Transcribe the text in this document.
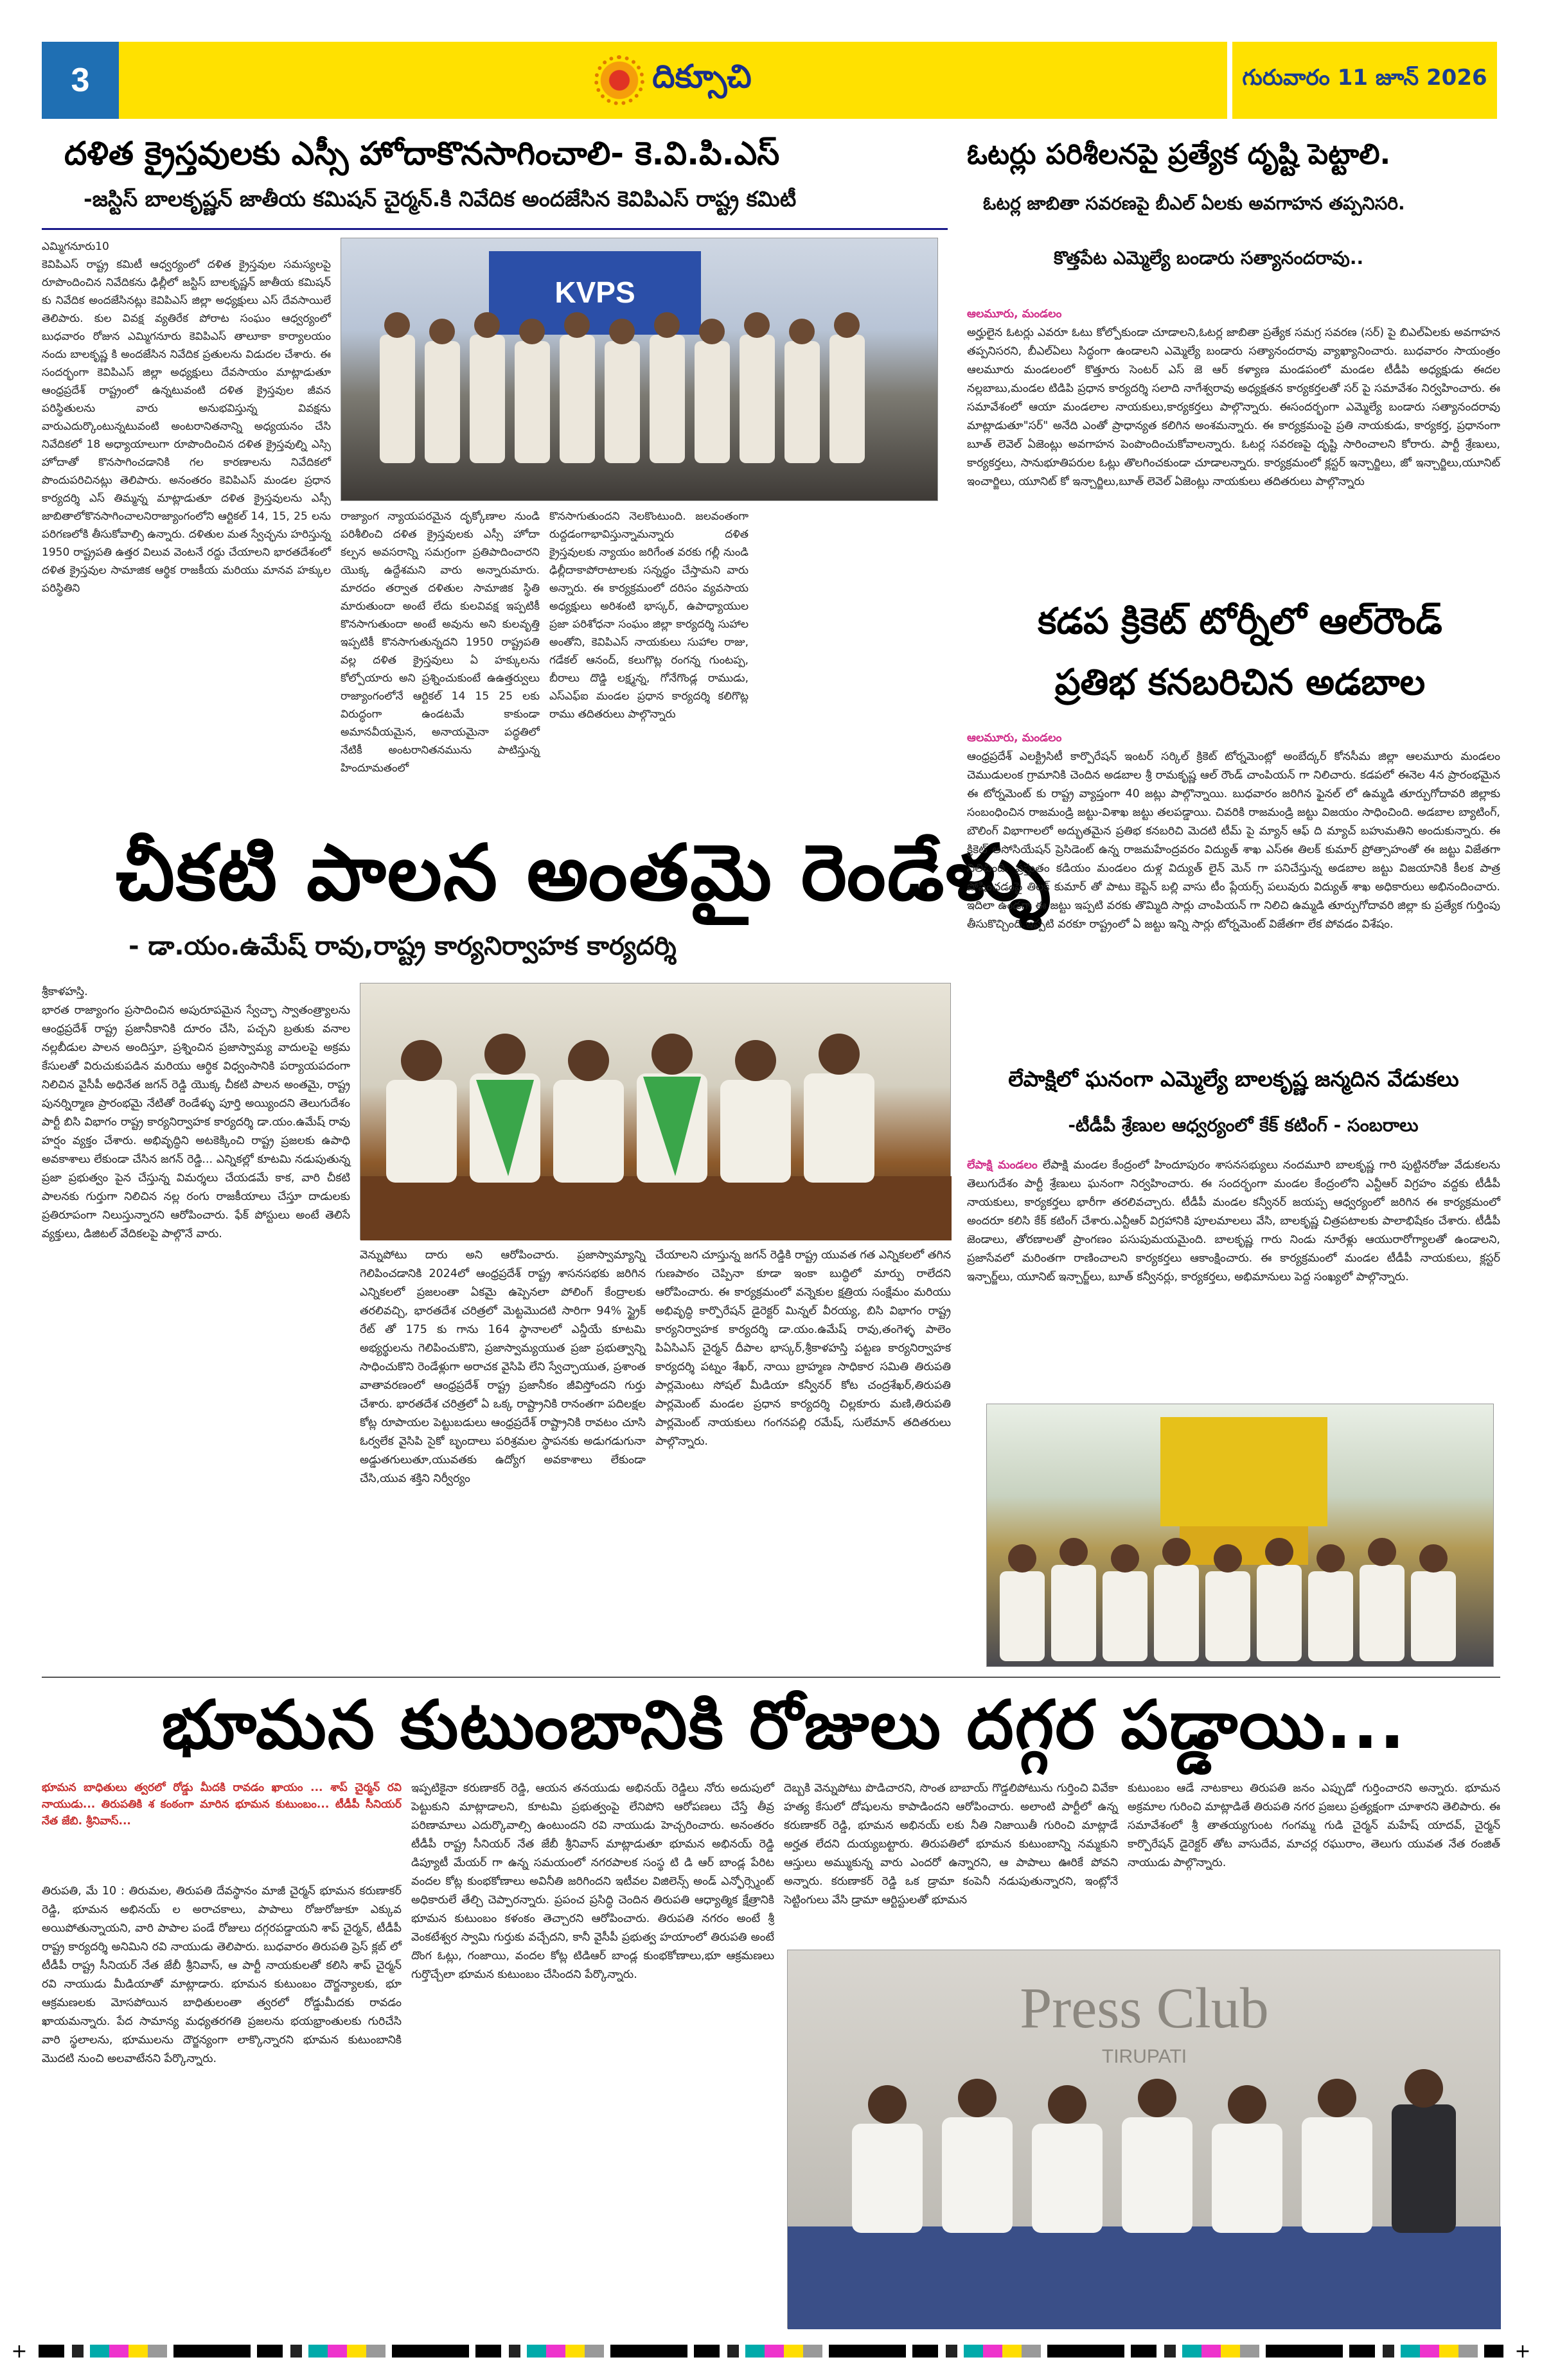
3	దిక్సూచి	గురువారం 11 జూన్ 2026
దళిత క్రైస్తవులకు ఎస్సీ హోదాకొనసాగించాలి- కె.వి.పి.ఎస్
-జస్టిస్ బాలకృష్ణన్ జాతీయ కమిషన్ చైర్మన్.కి నివేదిక అందజేసిన కెవిపిఎస్ రాష్ట్ర కమిటీ
ఎమ్మిగనూరు10
కెవిపిఎస్ రాష్ట్ర కమిటీ ఆధ్వర్యంలో దళిత క్రైస్తవుల సమస్యలపై రూపొందించిన నివేదికను ఢిల్లీలో జస్టిస్ బాలకృష్ణన్ జాతీయ కమిషన్ కు నివేదిక అందజేసినట్లు కెవిపిఎస్ జిల్లా అధ్యక్షులు ఎస్ దేవసాయిలే తెలిపారు. కుల వివక్ష వ్యతిరేక పోరాట సంఘం ఆధ్వర్యంలో బుధవారం రోజున ఎమ్మిగనూరు కెవిపిఎస్ తాలూకా కార్యాలయం నందు బాలకృష్ణ కి అందజేసిన నివేదిక ప్రతులను విడుదల చేశారు. ఈ సందర్భంగా కెవిపిఎస్ జిల్లా అధ్యక్షులు దేవసాయం మాట్లాడుతూ ఆంధ్రప్రదేశ్ రాష్ట్రంలో ఉన్నటువంటి దళిత క్రైస్తవుల జీవన పరిస్థితులను వారు అనుభవిస్తున్న వివక్షను వారుఎదుర్కొంటున్నటువంటి అంటరానితనాన్ని అధ్యయనం చేసి నివేదికలో 18 అధ్యాయాలుగా రూపొందించిన దళిత క్రైస్తవుల్ని ఎస్సి హోదాతో కొనసాగించడానికి గల కారణాలను నివేదికలో పొందుపరిచినట్లు తెలిపారు. అనంతరం కెవిపిఎస్ మండల ప్రధాన కార్యదర్శి ఎస్ తిమ్మన్న మాట్లాడుతూ దళిత క్రైస్తవులను ఎస్సీ జాబితాలోకొనసాగించాలనిరాజ్యాంగంలోని ఆర్టికల్ 14, 15, 25 లను పరిగణలోకి తీసుకోవాల్సి ఉన్నారు. దళితుల మత స్వేచ్ఛను హరిస్తున్న 1950 రాష్ట్రపతి ఉత్తర విలువ వెంటనే రద్దు చేయాలని భారతదేశంలో దళిత క్రైస్తవుల సామాజిక ఆర్థిక రాజకీయ మరియు మానవ హక్కుల పరిస్థితిని
KVPS
రాజ్యాంగ న్యాయపరమైన దృక్కోణాల నుండి పరిశీలించి దళిత క్రైస్తవులకు ఎస్సీ హోదా కల్పన అవసరాన్ని సమగ్రంగా ప్రతిపాదించారని యొక్క ఉద్దేశమని వారు అన్నారుమారు. మారదం తర్వాత దళితుల సామాజిక స్థితి మారుతుందా అంటే లేదు కులవివక్ష ఇప్పటికీ కొనసాగుతుందా అంటే అవును అని కులవృత్తి ఇప్పటికీ కొనసాగుతున్నదని 1950 రాష్ట్రపతి వల్ల దళిత క్రైస్తవులు ఏ హక్కులను కోల్పోయారు అని ప్రశ్నించుకుంటే ఉఉత్తర్వులు రాజ్యాంగంలోనే ఆర్టికల్ 14 15 25 లకు విరుద్ధంగా ఉండటమే కాకుండా అమానవీయమైన, అనాయమైనా పద్ధతిలో నేటికీ అంటరానితనమును పాటిస్తున్న హిందూమతంలో
కొనసాగుతుందని నెలకొంటుంది. జలవంతంగా రుద్దడంగాభావిస్తున్నామన్నారు దళిత క్రైస్తవులకు న్యాయం జరిగేంత వరకు గల్లీ నుండి ఢిల్లీదాకాపోరాటాలకు సన్నద్ధం చేస్తామని వారు అన్నారు. ఈ కార్యక్రమంలో దరిసం వ్యవసాయ అధ్యక్షులు అరిశంటి భాస్కర్, ఉపాధ్యాయుల ప్రజా పరిశోధనా సంఘం జిల్లా కార్యదర్శి సుహాల అంతోని, కెవిపిఎస్ నాయకులు సుహాల రాజు, గడేకల్ ఆనంద్, కలుగొట్ల రంగన్న గుంటప్ప, బీరాలు దొడ్డి లక్ష్మన్న, గోనేగొండ్ల రాముడు, ఎస్ఎఫ్ఐ మండల ప్రధాన కార్యదర్శి కలిగొట్ల రాము తదితరులు పాల్గొన్నారు
చీకటి పాలన అంతమై రెండేళ్ళు
- డా.యం.ఉమేష్ రావు,రాష్ట్ర కార్యనిర్వాహక కార్యదర్శి
శ్రీకాళహస్తి.
భారత రాజ్యాంగం ప్రసాదించిన అపురూపమైన స్వేచ్ఛా స్వాతంత్ర్యాలను ఆంధ్రప్రదేశ్ రాష్ట్ర ప్రజానీకానికి దూరం చేసి, పచ్చని బ్రతుకు వనాల నల్లబీడుల పాలన అందిస్తూ, ప్రశ్నించిన ప్రజాస్వామ్య వాదులపై అక్రమ కేసులతో విరుచుకుపడిన మరియు ఆర్థిక విధ్వంసానికి పర్యాయపదంగా నిలిచిన వైసీపీ అధినేత జగన్ రెడ్డి యొక్క చీకటి పాలన అంతమై, రాష్ట్ర పునర్నిర్మాణ ప్రారంభమై నేటితో రెండేళ్ళు పూర్తి అయ్యిందని తెలుగుదేశం పార్టీ బిసి విభాగం రాష్ట్ర కార్యనిర్వాహక కార్యదర్శి డా.యం.ఉమేష్ రావు హర్షం వ్యక్తం చేశారు. అభివృద్ధిని అటకెక్కించి రాష్ట్ర ప్రజలకు ఉపాధి అవకాశాలు లేకుండా చేసిన జగన్ రెడ్డి... ఎన్నికల్లో కూటమి నడుపుతున్న ప్రజా ప్రభుత్వం పైన చేస్తున్న విమర్శలు చేయడమే కాక, వారి చీకటి పాలనకు గుర్తుగా నిలిచిన నల్ల రంగు రాజకీయాలు చేస్తూ దాడులకు ప్రతిరూపంగా నిలుస్తున్నారని ఆరోపించారు. ఫేక్ పోస్టులు అంటే తెలిసే వ్యక్తులు, డిజిటల్ వేదికలపై పాల్గొనే వారు.
వెన్నుపోటు దారు అని ఆరోపించారు. ప్రజాస్వామ్యాన్ని గెలిపించడానికి 2024లో ఆంధ్రప్రదేశ్ రాష్ట్ర శాసనసభకు జరిగిన ఎన్నికలలో ప్రజలంతా ఏకమై ఉప్పెనలా పోలింగ్ కేంద్రాలకు తరలివచ్చి, భారతదేశ చరిత్రలో మెట్టమొదటి సారిగా 94% స్ట్రైక్ రేట్ తో 175 కు గాను 164 స్థానాలలో ఎన్డీయే కూటమి అభ్యర్థులను గెలిపించుకొని, ప్రజాస్వామ్యయుత ప్రజా ప్రభుత్వాన్ని సాధించుకొని రెండేళ్లుగా అరాచక వైసిపి లేని స్వేచ్ఛాయుత, ప్రశాంత వాతావరణంలో ఆంధ్రప్రదేశ్ రాష్ట్ర ప్రజానీకం జీవిస్తోందని గుర్తు చేశారు. భారతదేశ చరిత్రలో ఏ ఒక్క రాష్ట్రానికి రానంతగా పదిలక్షల కోట్ల రూపాయల పెట్టుబడులు ఆంధ్రప్రదేశ్ రాష్ట్రానికి రావటం చూసి ఓర్వలేక వైసిపి సైకో బృందాలు పరిశ్రమల స్థాపనకు అడుగడుగునా అడ్డుతగులుతూ,యువతకు ఉద్యోగ అవకాశాలు లేకుండా చేసి,యువ శక్తిని నిర్వీర్యం
చేయాలని చూస్తున్న జగన్ రెడ్డికి రాష్ట్ర యువత గత ఎన్నికలలో తగిన గుణపాఠం చెప్పినా కూడా ఇంకా బుద్ధిలో మార్పు రాలేదని ఆరోపించారు. ఈ కార్యక్రమంలో వన్నెకుల క్షత్రియ సంక్షేమం మరియు అభివృద్ధి కార్పొరేషన్ డైరెక్టర్ మిన్నల్ వీరయ్య, బిసి విభాగం రాష్ట్ర కార్యనిర్వాహక కార్యదర్శి డా.యం.ఉమేష్ రావు,తంగెళ్ళ పాలెం పిఏసిఎస్ చైర్మన్ దీపాల భాస్కర్,శ్రీకాళహస్తి పట్టణ కార్యనిర్వాహక కార్యదర్శి పట్నం శేఖర్, నాయి బ్రాహ్మణ సాధికార సమితి తిరుపతి పార్లమెంటు సోషల్ మీడియా కన్వీనర్ కోట చంద్రశేఖర్,తిరుపతి పార్లమెంట్ మండల ప్రధాన కార్యదర్శి చిల్లకూరు మణి,తిరుపతి పార్లమెంట్ నాయకులు గంగనపల్లి రమేష్, సులేమాన్ తదితరులు పాల్గొన్నారు.
ఓటర్లు పరిశీలనపై ప్రత్యేక దృష్టి పెట్టాలి.
ఓటర్ల జాబితా సవరణపై బీఎల్ ఏలకు అవగాహన తప్పనిసరి.
కొత్తపేట ఎమ్మెల్యే బండారు సత్యానందరావు..
ఆలమూరు, మండలం
అర్హులైన ఓటర్లు ఎవరూ ఓటు కోల్పోకుండా చూడాలని,ఓటర్ల జాబితా ప్రత్యేక సమగ్ర సవరణ (సర్) పై బిఎల్ఏలకు అవగాహన తప్పనిసరని, బీఎల్ఏలు సిద్ధంగా ఉండాలని ఎమ్మెల్యే బండారు సత్యానందరావు వ్యాఖ్యానించారు. బుధవారం సాయంత్రం ఆలమూరు మండలంలో కొత్తూరు సెంటర్ ఎస్ జె ఆర్ కళ్యాణ మండపంలో మండల టీడీపి అధ్యక్షుడు ఈదల నల్లబాబు,మండల టిడిపి ప్రధాన కార్యదర్శి సలాది నాగేశ్వరావు అధ్యక్షతన కార్యకర్తలతో సర్ పై సమావేశం నిర్వహించారు. ఈ సమావేశంలో ఆయా మండలాల నాయకులు,కార్యకర్తలు పాల్గొన్నారు. ఈసందర్భంగా ఎమ్మెల్యే బండారు సత్యానందరావు మాట్లాడుతూ"సర్" అనేది ఎంతో ప్రాధాన్యత కలిగిన అంశమన్నారు. ఈ కార్యక్రమంపై ప్రతి నాయకుడు, కార్యకర్త, ప్రధానంగా బూత్ లెవెల్ ఏజెంట్లు అవగాహన పెంపొందించుకోవాలన్నారు. ఓటర్ల సవరణపై దృష్టి సారించాలని కోరారు. పార్టీ శ్రేణులు, కార్యకర్తలు, సానుభూతిపరుల ఓట్లు తొలగించకుండా చూడాలన్నారు. కార్యక్రమంలో క్లస్టర్ ఇన్చార్జిలు, జో ఇన్చార్జిలు,యూనిట్ ఇంచార్జిలు, యూనిట్ కో ఇన్చార్జిలు,బూత్ లెవెల్ ఏజెంట్లు నాయకులు తదితరులు పాల్గొన్నారు
కడప క్రికెట్ టోర్నీలో ఆల్‌రౌండ్
ప్రతిభ కనబరిచిన అడబాల
ఆలమూరు, మండలం
ఆంధ్రప్రదేశ్ ఎలక్ట్రిసిటీ కార్పొరేషన్ ఇంటర్ సర్కిల్ క్రికెట్ టోర్నమెంట్లో అంబేద్కర్ కోనసీమ జిల్లా ఆలమూరు మండలం చెముడులంక గ్రామానికి చెందిన అడబాల శ్రీ రామకృష్ణ ఆల్ రౌండ్ చాంపియన్ గా నిలిచారు. కడపలో ఈనెల 4న ప్రారంభమైన ఈ టోర్నమెంట్ కు రాష్ట్ర వ్యాప్తంగా 40 జట్లు పాల్గొన్నాయి. బుధవారం జరిగిన ఫైనల్ లో ఉమ్మడి తూర్పుగోదావరి జిల్లాకు సంబంధించిన రాజమండ్రి జట్టు-విశాఖ జట్టు తలపడ్డాయి. చివరికి రాజమండ్రి జట్టు విజయం సాధించింది. అడబాల బ్యాటింగ్, బౌలింగ్ విభాగాలలో అద్భుతమైన ప్రతిభ కనబరిచి మెదటి టీమ్ పై మ్యాన్ ఆఫ్ ది మ్యాచ్ బహుమతిని అందుకున్నారు. ఈ క్రికెట్ అసోసియేషన్ ప్రెసిడెంట్ ఉన్న రాజమహేంద్రవరం విద్యుత్ శాఖ ఎస్ఈ తిలక్ కుమార్ ప్రోత్సాహంతో ఈ జట్టు విజేతగా నిలిచింది. ప్రస్తుతం కడియం మండలం దుళ్ల విద్యుత్ లైన్ మెన్ గా పనిచేస్తున్న అడబాల జట్టు విజయానికి కీలక పాత్ర పోషించడంపై తిలక్ కుమార్ తో పాటు కెప్టెన్ బల్లి వాసు టీం ప్లేయర్స్ పలువురు విద్యుత్ శాఖ అధికారులు అభినందించారు. ఇదిలా ఉండగా ఈ జట్టు ఇప్పటి వరకు తొమ్మిది సార్లు చాంపియన్ గా నిలిచి ఉమ్మడి తూర్పుగోదావరి జిల్లా కు ప్రత్యేక గుర్తింపు తీసుకొచ్చింది.ఇప్పటి వరకూ రాష్ట్రంలో ఏ జట్టు ఇన్ని సార్లు టోర్నమెంట్ విజేతగా లేక పోవడం విశేషం.
లేపాక్షిలో ఘనంగా ఎమ్మెల్యే బాలకృష్ణ జన్మదిన వేడుకలు
-టీడీపీ శ్రేణుల ఆధ్వర్యంలో కేక్ కటింగ్ - సంబరాలు
లేపాక్షి మండలం లేపాక్షి మండల కేంద్రంలో హిందూపురం శాసనసభ్యులు నందమూరి బాలకృష్ణ గారి పుట్టినరోజు వేడుకలను తెలుగుదేశం పార్టీ శ్రేణులు ఘనంగా నిర్వహించారు. ఈ సందర్భంగా మండల కేంద్రంలోని ఎన్టీఆర్ విగ్రహం వద్దకు టీడీపీ నాయకులు, కార్యకర్తలు భారీగా తరలివచ్చారు. టీడీపీ మండల కన్వీనర్ జయప్ప ఆధ్వర్యంలో జరిగిన ఈ కార్యక్రమంలో అందరూ కలిసి కేక్ కటింగ్ చేశారు.ఎన్టీఆర్ విగ్రహానికి పూలమాలలు వేసి, బాలకృష్ణ చిత్రపటాలకు పాలాభిషేకం చేశారు. టీడీపీ జెండాలు, తోరణాలతో ప్రాంగణం పసుపుమయమైంది. బాలకృష్ణ గారు నిండు నూరేళ్లు ఆయురారోగ్యాలతో ఉండాలని, ప్రజాసేవలో మరింతగా రాణించాలని కార్యకర్తలు ఆకాంక్షించారు. ఈ కార్యక్రమంలో మండల టీడీపీ నాయకులు, క్లస్టర్ ఇన్చార్జ్‌లు, యూనిట్ ఇన్చార్జ్‌లు, బూత్ కన్వీనర్లు, కార్యకర్తలు, అభిమానులు పెద్ద సంఖ్యలో పాల్గొన్నారు.
భూమన కుటుంబానికి రోజులు దగ్గర పడ్డాయి...
భూమన బాధితులు త్వరలో రోడ్డు మీదకి రావడం ఖాయం ... శాప్ చైర్మన్ రవి నాయుడు... తిరుపతికి శ కంఠంగా మారిన భూమన కుటుంబం... టీడీపీ సీనియర్ నేత జేబి. శ్రీనివాస్...
తిరుపతి, మే 10 : తిరుమల, తిరుపతి దేవస్థానం మాజీ చైర్మన్ భూమన కరుణాకర్ రెడ్డి, భూమన అభినయ్ ల అరాచకాలు, పాపాలు రోజురోజుకూ ఎక్కువ అయిపోతున్నాయని, వారి పాపాల పండే రోజులు దగ్గరపడ్డాయని శాప్ చైర్మన్, టీడీపీ రాష్ట్ర కార్యదర్శి అనిమిని రవి నాయుడు తెలిపారు. బుధవారం తిరుపతి ప్రెస్ క్లబ్ లో టీడీపీ రాష్ట్ర సీనియర్ నేత జేబీ శ్రీనివాస్, ఆ పార్టీ నాయకులతో కలిసి శాప్ చైర్మన్ రవి నాయుడు మీడియాతో మాట్లాడారు. భూమన కుటుంబం దౌర్జన్యాలకు, భూ ఆక్రమణలకు మోసపోయిన బాధితులంతా త్వరలో రోడ్డుమీదకు రావడం ఖాయమన్నారు. పేద సామాన్య మధ్యతరగతి ప్రజలను భయభ్రాంతులకు గురిచేసి వారి స్థలాలను, భూములను దౌర్జన్యంగా లాక్కొన్నారని భూమన కుటుంబానికి మొదటి నుంచి అలవాటేనని పేర్కొన్నారు.
ఇప్పటికైనా కరుణాకర్ రెడ్డి, ఆయన తనయుడు అభినయ్ రెడ్డిలు నోరు అదుపులో పెట్టుకుని మాట్లాడాలని, కూటమి ప్రభుత్వంపై లేనిపోని ఆరోపణలు చేస్తే తీవ్ర పరిణామాలు ఎదుర్కొవాల్సి ఉంటుందని రవి నాయుడు హెచ్చరించారు. అనంతరం టీడీపీ రాష్ట్ర సీనియర్ నేత జేబీ శ్రీనివాస్ మాట్లాడుతూ భూమన అభినయ్ రెడ్డి డిప్యూటీ మేయర్ గా ఉన్న సమయంలో నగరపాలక సంస్థ టి డి ఆర్ బాండ్ల పేరిట వందల కోట్ల కుంభకోణాలు అవినీతి జరిగిందని ఇటీవల విజిలెన్స్ అండ్ ఎన్ఫోర్స్మెంట్ అధికారులే తేల్చి చెప్పారన్నారు. ప్రపంచ ప్రసిద్ధి చెందిన తిరుపతి ఆధ్యాత్మిక క్షేత్రానికి భూమన కుటుంబం కళంకం తెచ్చారని ఆరోపించారు. తిరుపతి నగరం అంటే శ్రీ వెంకటేశ్వర స్వామి గుర్తుకు వచ్చేదని, కానీ వైసీపీ ప్రభుత్వ హయాంలో తిరుపతి అంటే దొంగ ఓట్లు, గంజాయి, వందల కోట్ల టిడిఆర్ బాండ్ల కుంభకోణాలు,భూ ఆక్రమణలు గుర్తొచ్చేలా భూమన కుటుంబం చేసిందని పేర్కొన్నారు.
దెబ్బకి వెన్నుపోటు పొడిచారని, సొంత బాబాయ్ గొడ్డలిపోటును గుర్తించి వివేకా హత్య కేసులో దోషులను కాపాడిందని ఆరోపించారు. అలాంటి పార్టీలో ఉన్న కరుణాకర్ రెడ్డి, భూమన అభినయ్ లకు నీతి నిజాయితీ గురించి మాట్లాడే అర్హత లేదని దుయ్యబట్టారు. తిరుపతిలో భూమన కుటుంబాన్ని నమ్మకుని ఆస్తులు అమ్ముకున్న వారు ఎందరో ఉన్నారని, ఆ పాపాలు ఊరికే పోవని అన్నారు. కరుణాకర్ రెడ్డి ఒక డ్రామా కంపెనీ నడుపుతున్నారని, ఇంట్లోనే సెట్టింగులు వేసి డ్రామా ఆర్టిస్టులతో భూమన
కుటుంబం ఆడే నాటకాలు తిరుపతి జనం ఎప్పుడో గుర్తించారని అన్నారు. భూమన అక్రమాల గురించి మాట్లాడితే తిరుపతి నగర ప్రజలు ప్రత్యక్షంగా చూశారని తెలిపారు. ఈ సమావేశంలో శ్రీ తాతయ్యగుంట గంగమ్మ గుడి చైర్మన్ మహేష్ యాదవ్, చైర్మన్ కార్పొరేషన్ డైరెక్టర్ తోట వాసుదేవ, మాచర్ల రఘురాం, తెలుగు యువత నేత రంజిత్ నాయుడు పాల్గొన్నారు.
Press Club
TIRUPATI
+	+
